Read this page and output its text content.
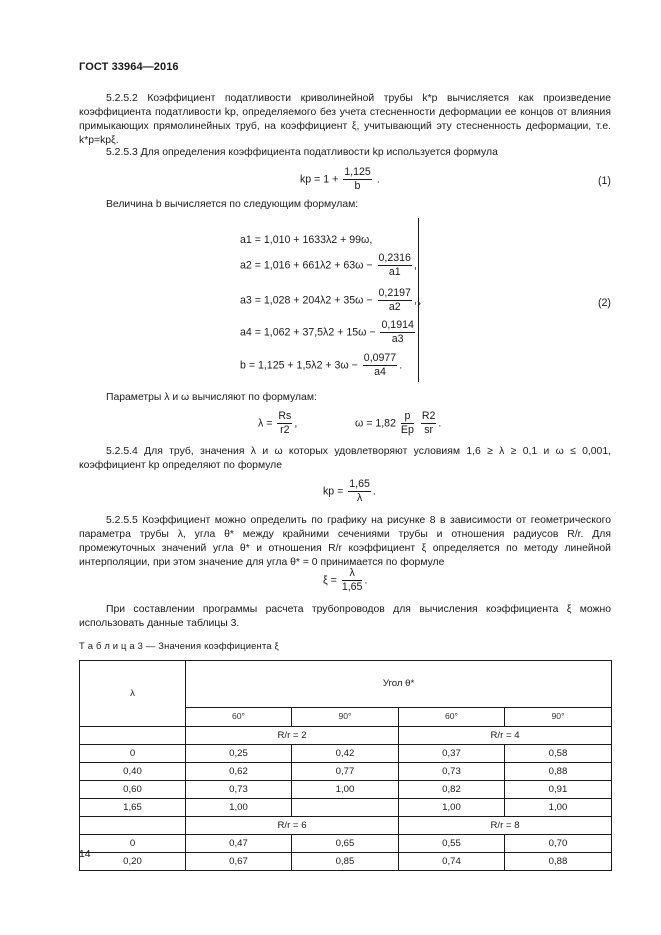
ГОСТ 33964—2016
5.2.5.2 Коэффициент податливости криволинейной трубы k*p вычисляется как произведение коэффициента податливости kp, определяемого без учета стесненности деформации ее концов от влияния примыкающих прямолинейных труб, на коэффициент ξ, учитывающий эту стесненность деформации, т.е. k*p=kpξ.
5.2.5.3 Для определения коэффициента податливости kp используется формула
kp = $1 + \frac{1,125}{b}$ .	(1)
Величина b вычисляется по следующим формулам:
a1 = 1,010 + 1633λ2 + 99ω,
$a2 = 1,016 + 661\lambda 2 + 63\omega - \frac{0,2316}{a1}$ ,
$a3 = 1,028 + 204\lambda 2 + 35\omega - \frac{0,2197}{a2}$ ,
$a4 = 1,062 + 37,5\lambda 2 + 15\omega - \frac{0,1914}{a3}$ ,
$b = 1,125 + 1,5\lambda 2 + 3\omega - \frac{0,0977}{a4}$ .
›	(2)
Параметры λ и ω вычисляют по формулам:
$\lambda = \frac{Rs}{r2}$ ,	$\omega = 1,82 \frac{p}{Ep}$
$\frac{R2}{sr}$ .
5.2.5.4 Для труб, значения λ и ω которых удовлетворяют условиям 1,6 ≥ λ ≥ 0,1 и ω ≤ 0,001, коэффициент kp определяют по формуле
kp = $\frac{1,65}{\lambda}$ .
5.2.5.5 Коэффициент можно определить по графику на рисунке 8 в зависимости от геометрического параметра трубы λ, угла θ* между крайними сечениями трубы и отношения радиусов R/r. Для промежуточных значений угла θ* и отношения R/r коэффициент ξ определяется по методу линейной интерполяции, при этом значение для угла θ* = 0 принимается по формуле
$\xi = \frac{\lambda}{1,65}$ .
При составлении программы расчета трубопроводов для вычисления коэффициента ξ можно использовать данные таблицы 3.
Т а б л и ц а 3 — Значения коэффициента ξ
λ	Угол θ*			
	60°	90°	60°	90°
	R/r = 2		R/r = 4	
0	0,25	0,42	0,37	0,58
0,40	0,62	0,77	0,73	0,88
0,60	0,73	1,00	0,82	0,91
1,65	1,00		1,00	1,00
	R/r = 6		R/r = 8	
0	0,47	0,65	0,55	0,70
0,20	0,67	0,85	0,74	0,88
14
